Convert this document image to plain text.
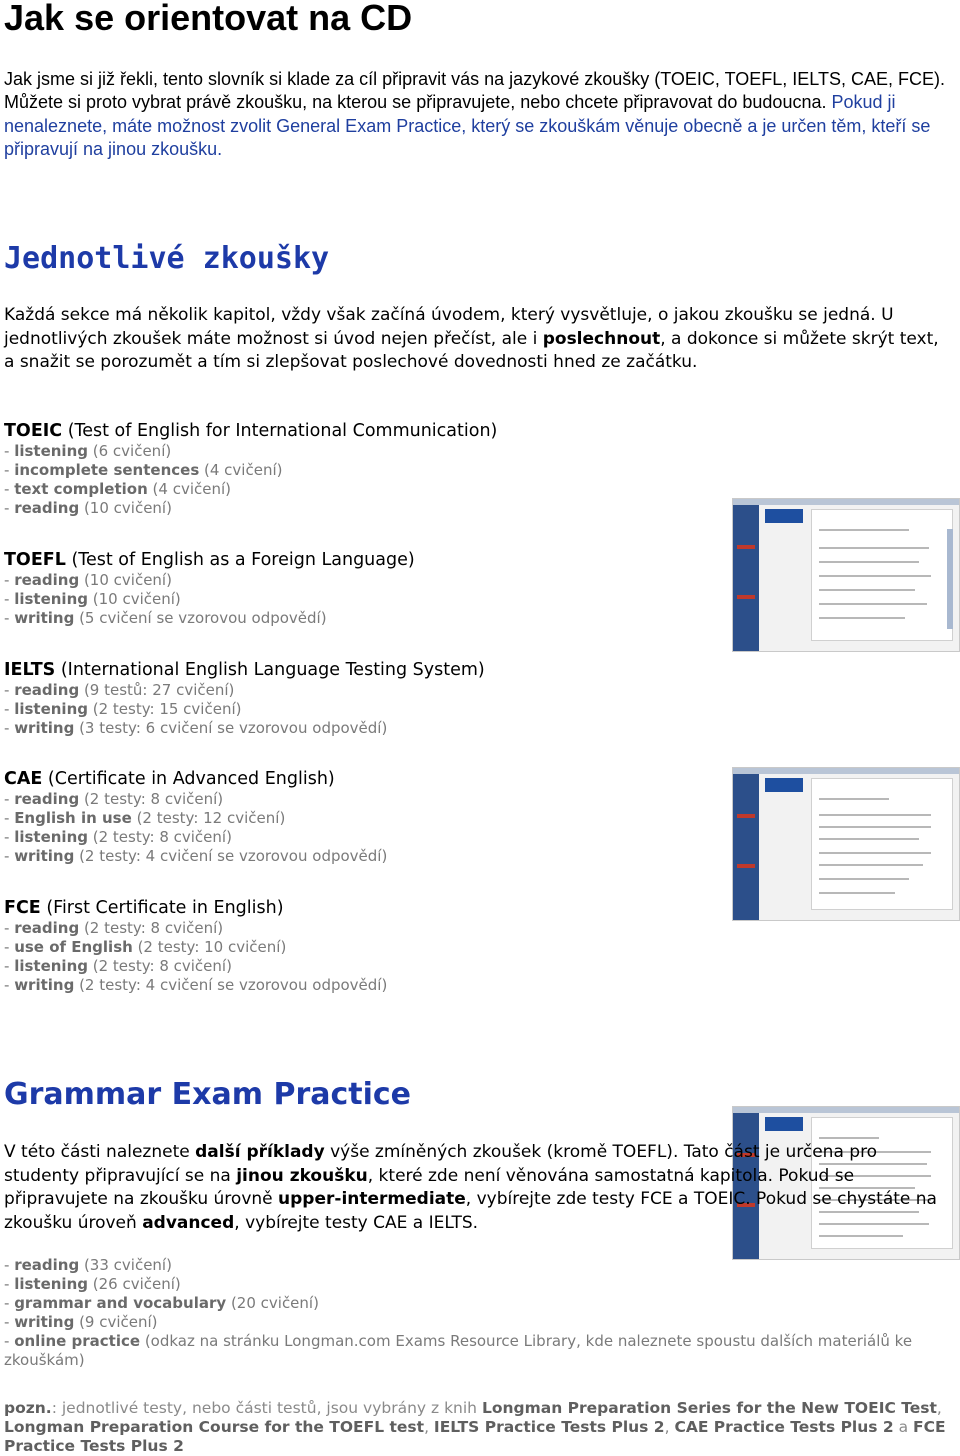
Jak se orientovat na CD

Jak jsme si již řekli, tento slovník si klade za cíl připravit vás na jazykové zkoušky (TOEIC, TOEFL, IELTS, CAE, FCE). Můžete si proto vybrat právě zkoušku, na kterou se připravujete, nebo chcete připravovat do budoucna. Pokud ji nenaleznete, máte možnost zvolit General Exam Practice, který se zkouškám věnuje obecně a je určen těm, kteří se připravují na jinou zkoušku.

Jednotlivé zkoušky

Každá sekce má několik kapitol, vždy však začíná úvodem, který vysvětluje, o jakou zkoušku se jedná. U jednotlivých zkoušek máte možnost si úvod nejen přečíst, ale i poslechnout, a dokonce si můžete skrýt text, a snažit se porozumět a tím si zlepšovat poslechové dovednosti hned ze začátku.

TOEIC (Test of English for International Communication)

- listening (6 cvičení)

- incomplete sentences (4 cvičení)

- text completion (4 cvičení)

- reading (10 cvičení)

TOEFL (Test of English as a Foreign Language)

- reading (10 cvičení)

- listening (10 cvičení)

- writing (5 cvičení se vzorovou odpovědí)

IELTS (International English Language Testing System)

- reading (9 testů: 27 cvičení)

- listening (2 testy: 15 cvičení)

- writing (3 testy: 6 cvičení se vzorovou odpovědí)

CAE (Certificate in Advanced English)

- reading (2 testy: 8 cvičení)

- English in use (2 testy: 12 cvičení)

- listening (2 testy: 8 cvičení)

- writing (2 testy: 4 cvičení se vzorovou odpovědí)

FCE (First Certificate in English)

- reading (2 testy: 8 cvičení)

- use of English (2 testy: 10 cvičení)

- listening (2 testy: 8 cvičení)

- writing (2 testy: 4 cvičení se vzorovou odpovědí)

Grammar Exam Practice

V této části naleznete další příklady výše zmíněných zkoušek (kromě TOEFL). Tato část je určena pro studenty připravující se na jinou zkoušku, které zde není věnována samostatná kapitola. Pokud se připravujete na zkoušku úrovně upper-intermediate, vybírejte zde testy FCE a TOEIC. Pokud se chystáte na zkoušku úroveň advanced, vybírejte testy CAE a IELTS.

- reading (33 cvičení)

- listening (26 cvičení)

- grammar and vocabulary (20 cvičení)

- writing (9 cvičení)

- online practice (odkaz na stránku Longman.com Exams Resource Library, kde naleznete spoustu dalších materiálů ke zkouškám)

pozn.: jednotlivé testy, nebo části testů, jsou vybrány z knih Longman Preparation Series for the New TOEIC Test, Longman Preparation Course for the TOEFL test, IELTS Practice Tests Plus 2, CAE Practice Tests Plus 2 a FCE Practice Tests Plus 2
